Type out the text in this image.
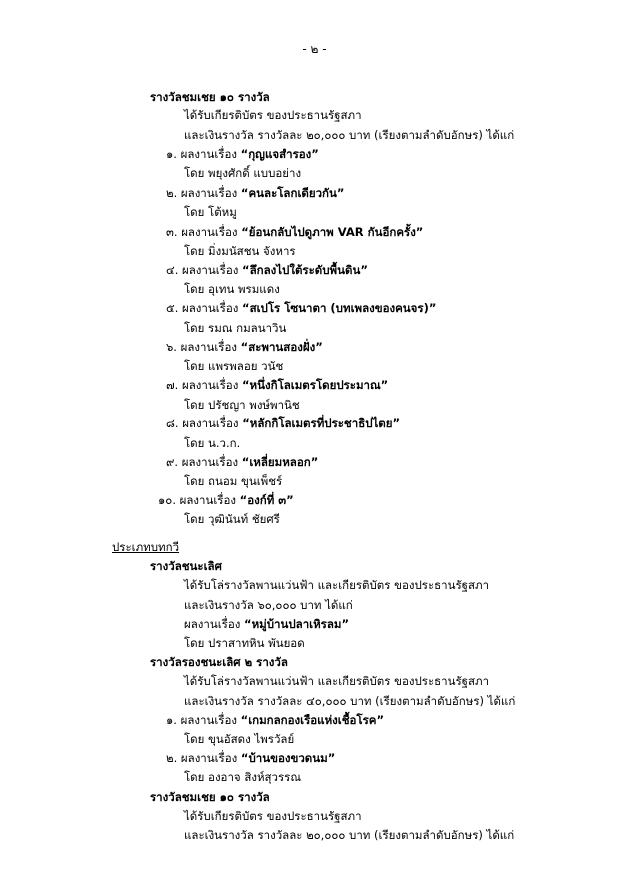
- ๒ -
รางวัลชมเชย ๑๐ รางวัล
ได้รับเกียรติบัตร ของประธานรัฐสภา
และเงินรางวัล รางวัลละ ๒๐,๐๐๐ บาท (เรียงตามลำดับอักษร) ได้แก่
๑. ผลงานเรื่อง “กุญแจสำรอง”
โดย พยุงศักดิ์ แบบอย่าง
๒. ผลงานเรื่อง “คนละโลกเดียวกัน”
โดย โต้หมู
๓. ผลงานเรื่อง “ย้อนกลับไปดูภาพ VAR กันอีกครั้ง”
โดย มิ่งมนัสชน จังหาร
๔. ผลงานเรื่อง “ลึกลงไปใต้ระดับพื้นดิน”
โดย อุเทน พรมแดง
๕. ผลงานเรื่อง “สเปโร โซนาตา (บทเพลงของคนจร)”
โดย รมณ กมลนาวิน
๖. ผลงานเรื่อง “สะพานสองฝั่ง”
โดย แพรพลอย วนัช
๗. ผลงานเรื่อง “หนึ่งกิโลเมตรโดยประมาณ”
โดย ปรัชญา พงษ์พานิช
๘. ผลงานเรื่อง “หลักกิโลเมตรที่ประชาธิปไตย”
โดย น.ว.ก.
๙. ผลงานเรื่อง “เหลี่ยมหลอก”
โดย ถนอม ขุนเพ็ชร์
๑๐. ผลงานเรื่อง “องก์ที่ ๓”
โดย วุฒินันท์ ชัยศรี
ประเภทบทกวี
รางวัลชนะเลิศ
ได้รับโล่รางวัลพานแว่นฟ้า และเกียรติบัตร ของประธานรัฐสภา
และเงินรางวัล ๖๐,๐๐๐ บาท ได้แก่
ผลงานเรื่อง “หมู่บ้านปลาเหิรลม”
โดย ปราสาทหิน พันยอด
รางวัลรองชนะเลิศ ๒ รางวัล
ได้รับโล่รางวัลพานแว่นฟ้า และเกียรติบัตร ของประธานรัฐสภา
และเงินรางวัล รางวัลละ ๔๐,๐๐๐ บาท (เรียงตามลำดับอักษร) ได้แก่
๑. ผลงานเรื่อง “เกมกลกองเรือแห่งเชื้อโรค”
โดย ขุนอัสดง ไพรวัลย์
๒. ผลงานเรื่อง “บ้านของขวดนม”
โดย องอาจ สิงห์สุวรรณ
รางวัลชมเชย ๑๐ รางวัล
ได้รับเกียรติบัตร ของประธานรัฐสภา
และเงินรางวัล รางวัลละ ๒๐,๐๐๐ บาท (เรียงตามลำดับอักษร) ได้แก่
